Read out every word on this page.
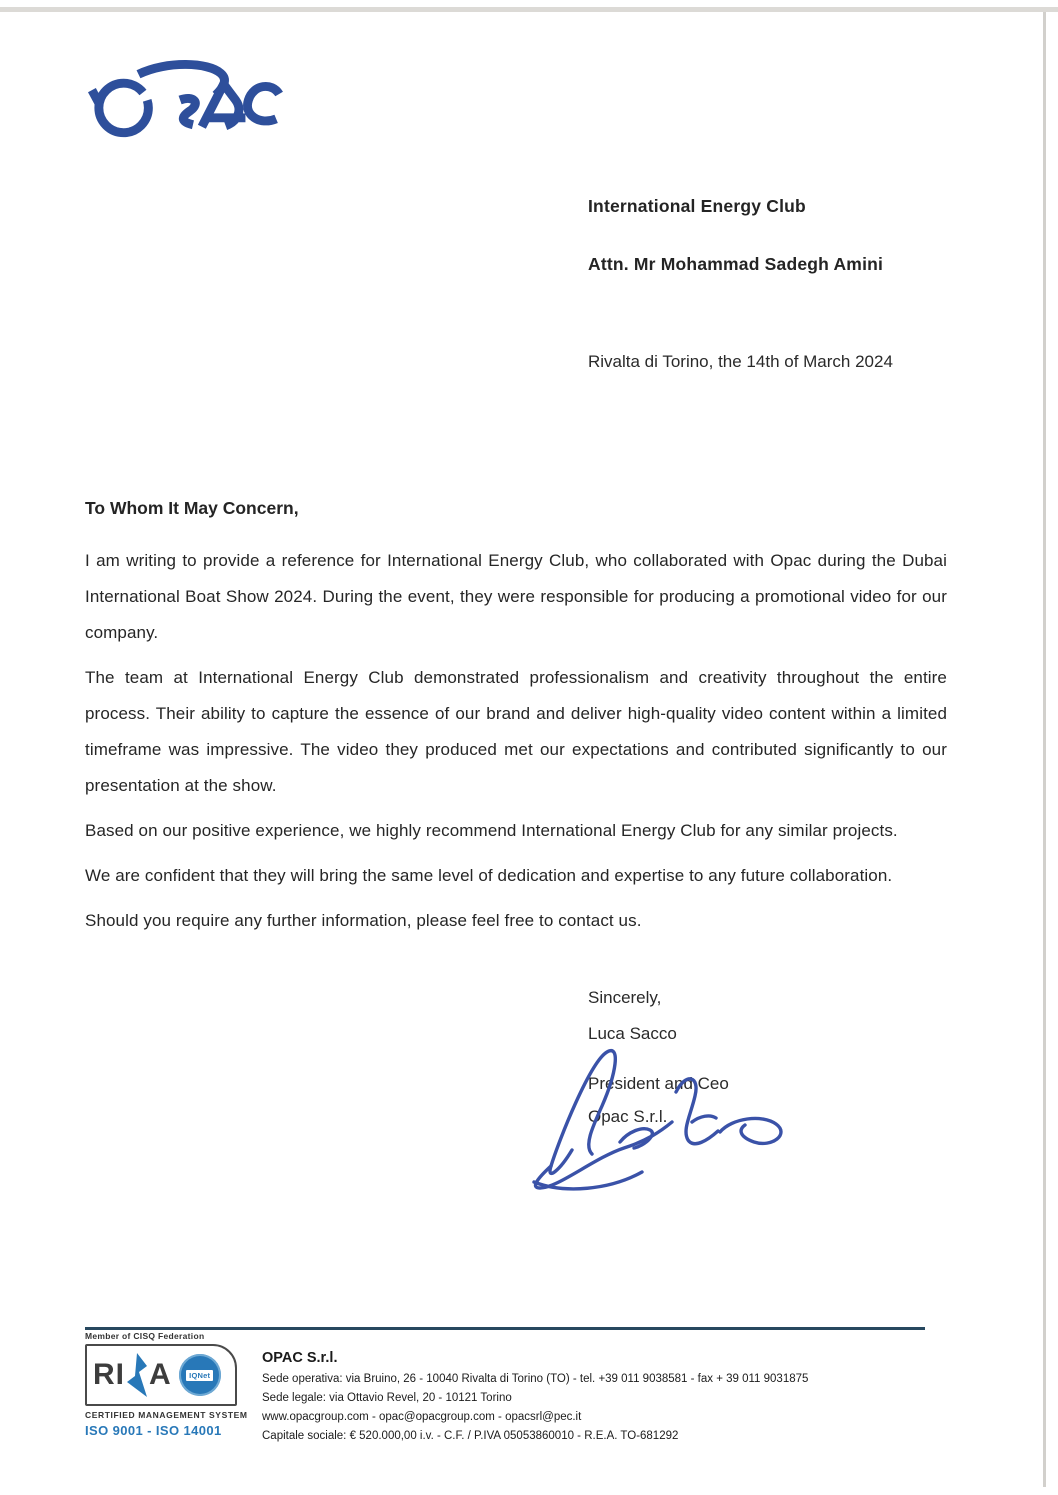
International Energy Club
Attn. Mr Mohammad Sadegh Amini
Rivalta di Torino, the 14th of March 2024
To Whom It May Concern,

I am writing to provide a reference for International Energy Club, who collaborated with Opac during the Dubai International Boat Show 2024. During the event, they were responsible for producing a promotional video for our company.

The team at International Energy Club demonstrated professionalism and creativity throughout the entire process. Their ability to capture the essence of our brand and deliver high-quality video content within a limited timeframe was impressive. The video they produced met our expectations and contributed significantly to our presentation at the show.

Based on our positive experience, we highly recommend International Energy Club for any similar projects.

We are confident that they will bring the same level of dedication and expertise to any future collaboration.

Should you require any further information, please feel free to contact us.

Sincerely,
Luca Sacco
President and Ceo
Opac S.r.l.
Member of CISQ Federation
RI A	IQNet
CERTIFIED MANAGEMENT SYSTEM
ISO 9001 - ISO 14001
OPAC S.r.l.
Sede operativa: via Bruino, 26 - 10040 Rivalta di Torino (TO) - tel. +39 011 9038581 - fax + 39 011 9031875
Sede legale: via Ottavio Revel, 20 - 10121 Torino
www.opacgroup.com - opac@opacgroup.com - opacsrl@pec.it
Capitale sociale: € 520.000,00 i.v. - C.F. / P.IVA 05053860010 - R.E.A. TO-681292
